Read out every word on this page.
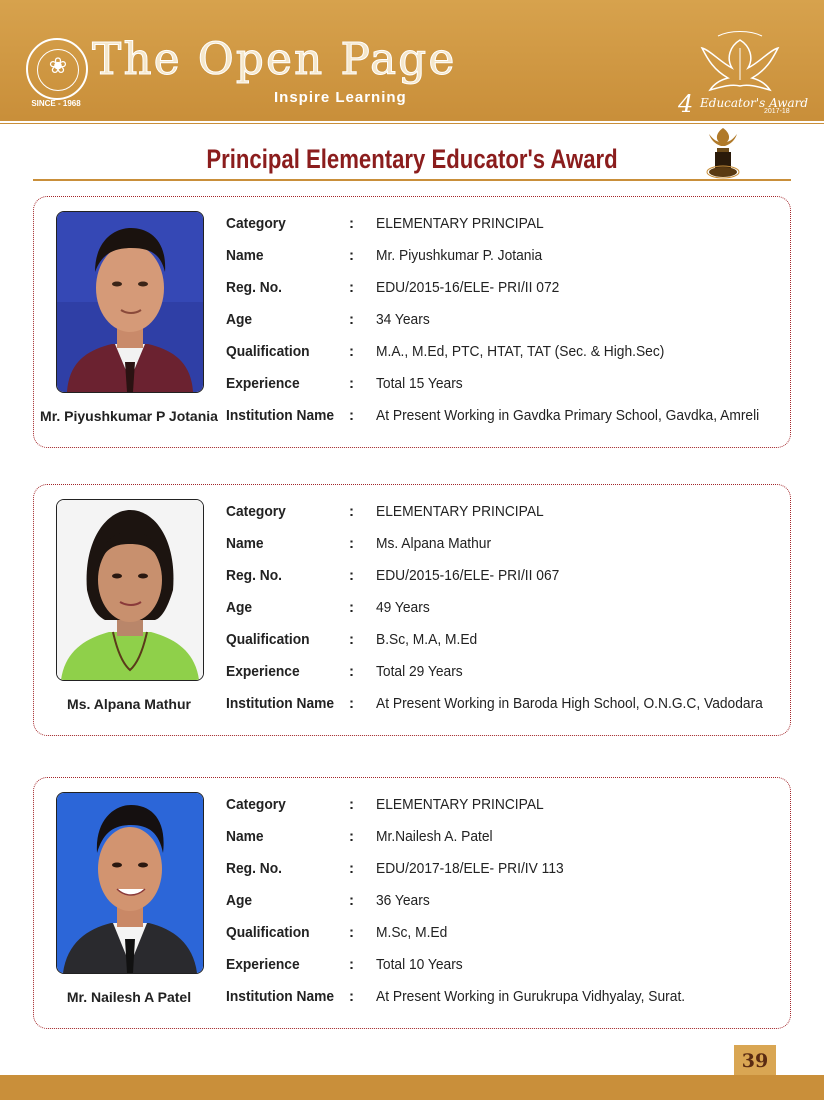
❀
SINCE - 1968
The Open Page
Inspire Learning	4 Educator's Award
2017-18
Principal Elementary Educator's Award
Mr. Piyushkumar P Jotania
Category	: ELEMENTARY PRINCIPAL
Name	: Mr. Piyushkumar P. Jotania
Reg. No.	: EDU/2015-16/ELE- PRI/II 072
Age	: 34 Years
Qualification	: M.A., M.Ed, PTC, HTAT, TAT (Sec. & High.Sec)
Experience	: Total 15 Years
Institution Name : At Present Working in Gavdka Primary School, Gavdka, Amreli
Ms. Alpana Mathur
Category	: ELEMENTARY PRINCIPAL
Name	: Ms. Alpana Mathur
Reg. No.	: EDU/2015-16/ELE- PRI/II 067
Age	: 49 Years
Qualification	: B.Sc, M.A, M.Ed
Experience	: Total 29 Years
Institution Name : At Present Working in Baroda High School, O.N.G.C, Vadodara
Mr. Nailesh A Patel
Category	: ELEMENTARY PRINCIPAL
Name	: Mr.Nailesh A. Patel
Reg. No.	: EDU/2017-18/ELE- PRI/IV 113
Age	: 36 Years
Qualification	: M.Sc, M.Ed
Experience	: Total 10 Years
Institution Name : At Present Working in Gurukrupa Vidhyalay, Surat.
39
